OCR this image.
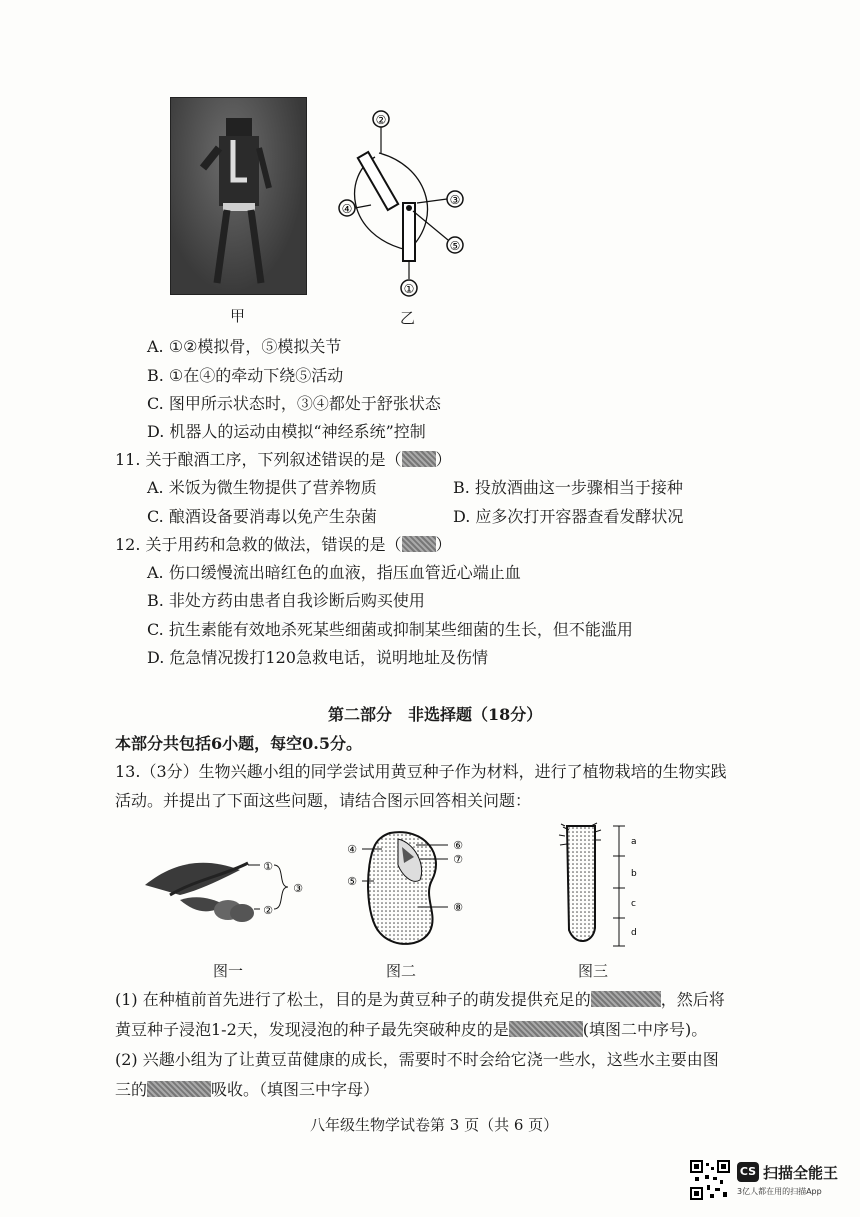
甲
②
④
③
⑤
①
乙
A. ①②模拟骨，⑤模拟关节
B. ①在④的牵动下绕⑤活动
C. 图甲所示状态时，③④都处于舒张状态
D. 机器人的运动由模拟“神经系统”控制
11. 关于酿酒工序，下列叙述错误的是（ ）
A. 米饭为微生物提供了营养物质	B. 投放酒曲这一步骤相当于接种
C. 酿酒设备要消毒以免产生杂菌	D. 应多次打开容器查看发酵状况
12. 关于用药和急救的做法，错误的是（ ）
A. 伤口缓慢流出暗红色的血液，指压血管近心端止血
B. 非处方药由患者自我诊断后购买使用
C. 抗生素能有效地杀死某些细菌或抑制某些细菌的生长，但不能滥用
D. 危急情况拨打120急救电话，说明地址及伤情
第二部分　非选择题（18分）
本部分共包括6小题，每空0.5分。
13.（3分）生物兴趣小组的同学尝试用黄豆种子作为材料，进行了植物栽培的生物实践
活动。并提出了下面这些问题，请结合图示回答相关问题：
①
②
③
图一
④
⑤
⑥
⑦
⑧
图二
a
b
c
d
图三
(1) 在种植前首先进行了松土，目的是为黄豆种子的萌发提供充足的	，然后将
黄豆种子浸泡1-2天，发现浸泡的种子最先突破种皮的是	(填图二中序号)。
(2) 兴趣小组为了让黄豆苗健康的成长，需要时不时会给它浇一些水，这些水主要由图
三的	吸收。（填图三中字母）
八年级生物学试卷第 3 页（共 6 页）
CS 扫描全能王
3亿人都在用的扫描App
